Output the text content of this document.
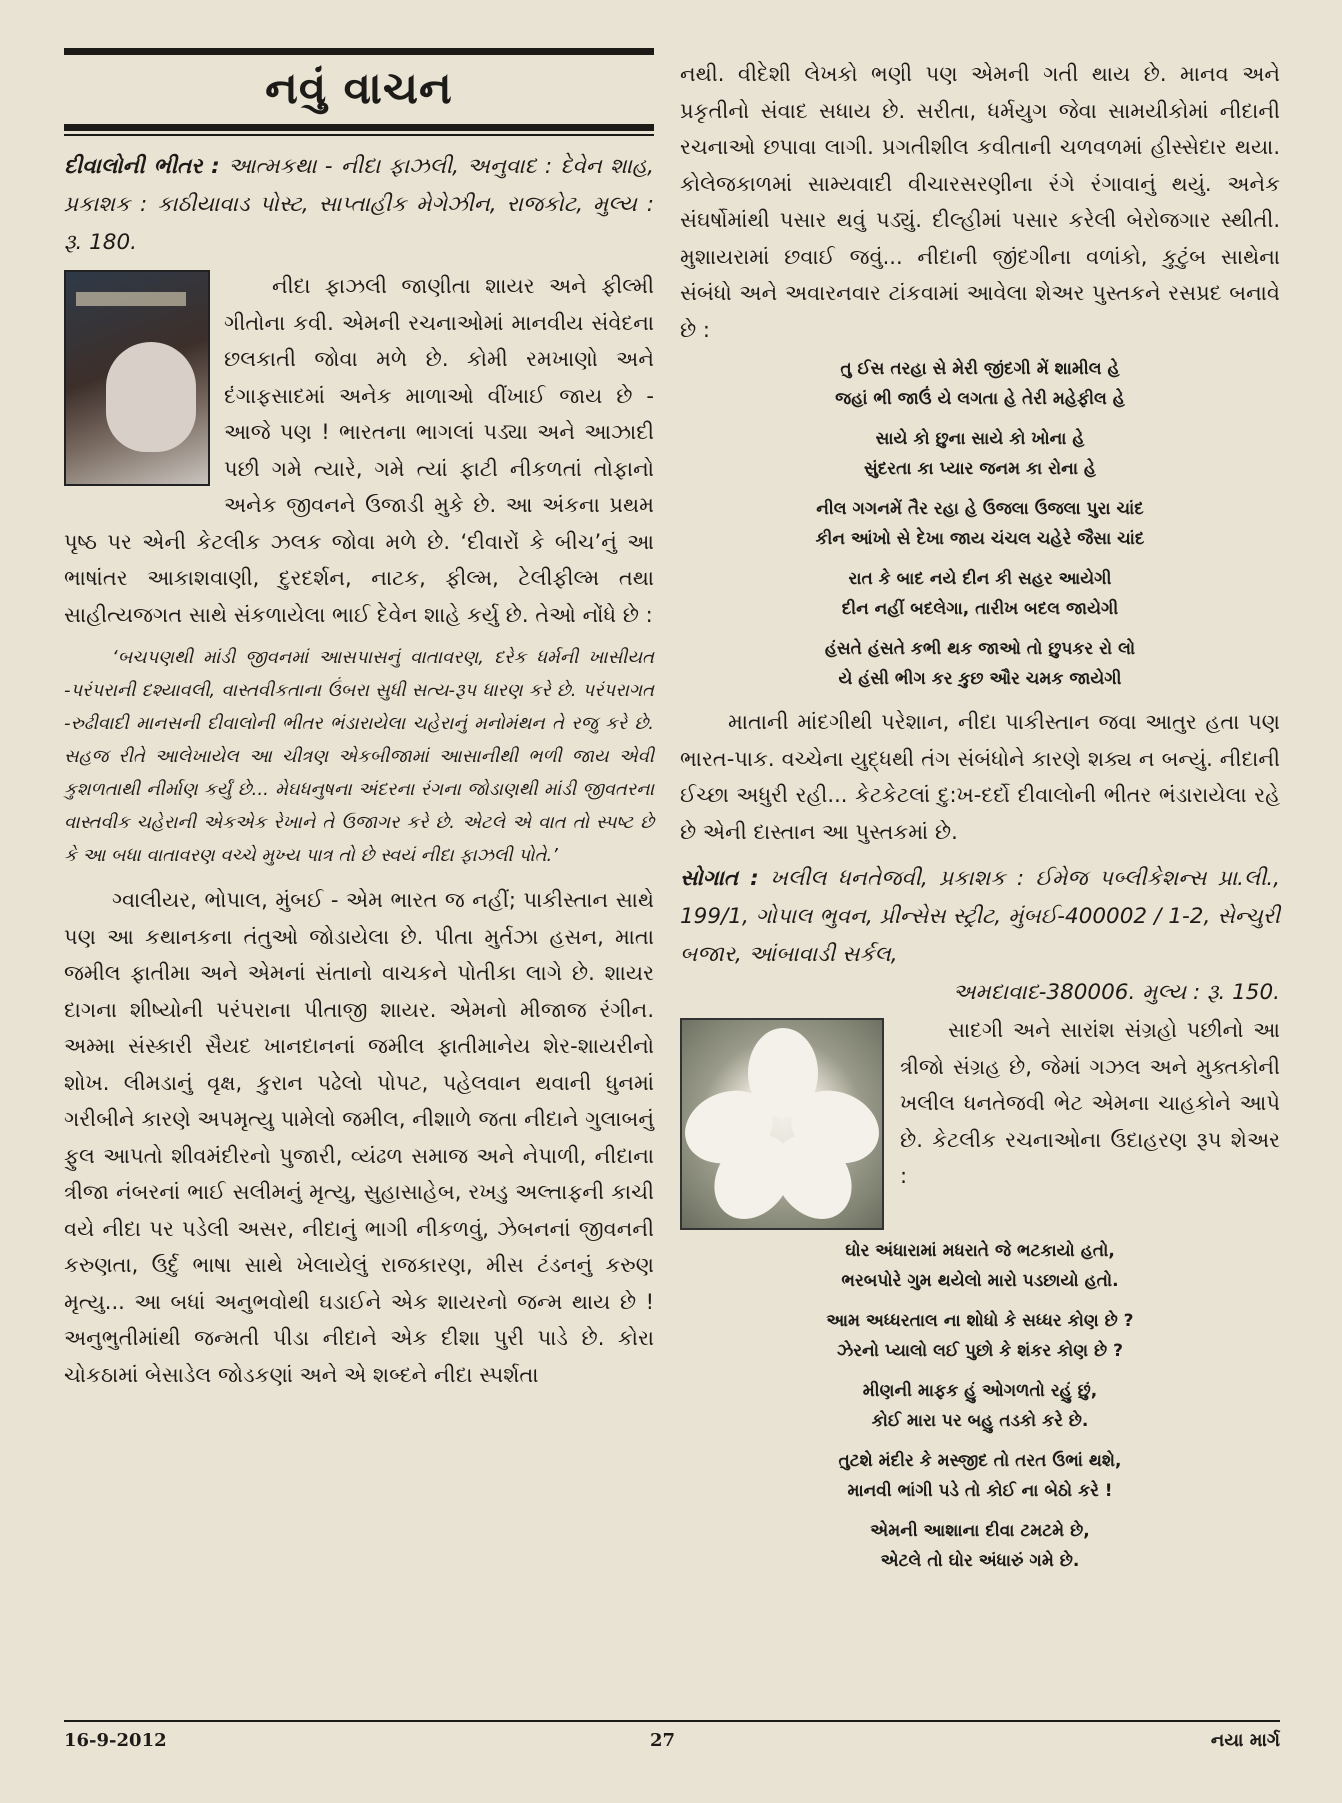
નવું વાચન

દીવાલોની ભીતર : આત્મકથા - નીદા ફાઝલી, અનુવાદ : દેવેન શાહ, પ્રકાશક : કાઠીયાવાડ પોસ્ટ, સાપ્તાહીક મેગેઝીન, રાજકોટ, મુલ્ય : રૂ. 180.

નીદા ફાઝલી જાણીતા શાયર અને ફીલ્મી ગીતોના કવી. એમની રચનાઓમાં માનવીય સંવેદના છલકાતી જોવા મળે છે. કોમી રમખાણો અને દંગાફસાદમાં અનેક માળાઓ વીંખાઈ જાય છે - આજે પણ ! ભારતના ભાગલાં પડ્યા અને આઝાદી પછી ગમે ત્યારે, ગમે ત્યાં ફાટી નીકળતાં તોફાનો અનેક જીવનને ઉજાડી મુકે છે. આ અંકના પ્રથમ પૃષ્ઠ પર એની કેટલીક ઝલક જોવા મળે છે. ‘દીવારોં કે બીચ’નું આ ભાષાંતર આકાશવાણી, દુરદર્શન, નાટક, ફીલ્મ, ટેલીફીલ્મ તથા સાહીત્યજગત સાથે સંકળાયેલા ભાઈ દેવેન શાહે કર્યુ છે. તેઓ નોંધે છે :

‘બચપણથી માંડી જીવનમાં આસપાસનું વાતાવરણ, દરેક ધર્મની ખાસીયત -પરંપરાની દશ્યાવલી, વાસ્તવીકતાના ઉંબરા સુધી સત્ય-રૂપ ધારણ કરે છે. પરંપરાગત -રુઢીવાદી માનસની દીવાલોની ભીતર ભંડારાયેલા ચહેરાનું મનોમંથન તે રજુ કરે છે. સહજ રીતે આલેખાયેલ આ ચીત્રણ એકબીજામાં આસાનીથી ભળી જાય એવી કુશળતાથી નીર્માણ કર્યું છે... મેઘધનુષના અંદરના રંગના જોડાણથી માંડી જીવતરના વાસ્તવીક ચહેરાની એકએક રેખાને તે ઉજાગર કરે છે. એટલે એ વાત તો સ્પષ્ટ છે કે આ બધા વાતાવરણ વચ્ચે મુખ્ય પાત્ર તો છે સ્વયં નીદા ફાઝલી પોતે.’

ગ્વાલીયર, ભોપાલ, મુંબઈ - એમ ભારત જ નહીં; પાકીસ્તાન સાથે પણ આ કથાનકના તંતુઓ જોડાયેલા છે. પીતા મુર્તઝા હસન, માતા જમીલ ફાતીમા અને એમનાં સંતાનો વાચકને પોતીકા લાગે છે. શાયર દાગના શીષ્યોની પરંપરાના પીતાજી શાયર. એમનો મીજાજ રંગીન. અમ્મા સંસ્કારી સૈયદ ખાનદાનનાં જમીલ ફાતીમાનેય શેર-શાયરીનો શોખ. લીમડાનું વૃક્ષ, કુરાન પઢેલો પોપટ, પહેલવાન થવાની ધુનમાં ગરીબીને કારણે અપમૃત્યુ પામેલો જમીલ, નીશાળે જતા નીદાને ગુલાબનું ફુલ આપતો શીવમંદીરનો પુજારી, વ્યંઢળ સમાજ અને નેપાળી, નીદાના ત્રીજા નંબરનાં ભાઈ સલીમનું મૃત્યુ, સુહાસાહેબ, રખડુ અલ્તાફની કાચી વયે નીદા પર પડેલી અસર, નીદાનું ભાગી નીકળવું, ઝેબનનાં જીવનની કરુણતા, ઉર્દુ ભાષા સાથે ખેલાયેલું રાજકારણ, મીસ ટંડનનું કરુણ મૃત્યુ... આ બધાં અનુભવોથી ઘડાઈને એક શાયરનો જન્મ થાય છે ! અનુભુતીમાંથી જન્મતી પીડા નીદાને એક દીશા પુરી પાડે છે. કોરા ચોકઠામાં બેસાડેલ જોડકણાં અને એ શબ્દને નીદા સ્પર્શતા

નથી. વીદેશી લેખકો ભણી પણ એમની ગતી થાય છે. માનવ અને પ્રકૃતીનો સંવાદ સધાય છે. સરીતા, ધર્મયુગ જેવા સામયીકોમાં નીદાની રચનાઓ છપાવા લાગી. પ્રગતીશીલ કવીતાની ચળવળમાં હીસ્સેદાર થયા. કોલેજકાળમાં સામ્યવાદી વીચારસરણીના રંગે રંગાવાનું થયું. અનેક સંઘર્ષોમાંથી પસાર થવું પડ્યું. દીલ્હીમાં પસાર કરેલી બેરોજગાર સ્થીતી. મુશાયરામાં છવાઈ જવું... નીદાની જીંદગીના વળાંકો, કુટુંબ સાથેના સંબંધો અને અવારનવાર ટાંકવામાં આવેલા શેઅર પુસ્તકને રસપ્રદ બનાવે છે :

તુ ઈસ તરહા સે મેરી જીંદગી મેં શામીલ હે
જહાં ભી જાઉં યે લગતા હે તેરી મહેફીલ હે
સાયે કો છુના સાયે કો ખોના હે
સુંદરતા કા પ્યાર જનમ કા રોના હે
નીલ ગગનમેં તૈર રહા હે ઉજલા ઉજલા પુરા ચાંદ
કીન આંખો સે દેખા જાય ચંચલ ચહેરે જૈસા ચાંદ
રાત કે બાદ નયે દીન કી સહર આયેગી
દીન નહીં બદલેગા, તારીખ બદલ જાયેગી
હંસતે હંસતે કભી થક જાઓ તો છુપકર રો લો
યે હંસી ભીગ કર કુછ ઔર ચમક જાયેગી

માતાની માંદગીથી પરેશાન, નીદા પાકીસ્તાન જવા આતુર હતા પણ ભારત-પાક. વચ્ચેના યુદ્ધથી તંગ સંબંધોને કારણે શક્ય ન બન્યું. નીદાની ઈચ્છા અધુરી રહી... કેટકેટલાં દુ:ખ-દર્દો દીવાલોની ભીતર ભંડારાયેલા રહે છે એની દાસ્તાન આ પુસ્તકમાં છે.

સોગાત : ખલીલ ધનતેજવી, પ્રકાશક : ઈમેજ પબ્લીકેશન્સ પ્રા.લી., 199/1, ગોપાલ ભુવન, પ્રીન્સેસ સ્ટ્રીટ, મુંબઈ-400002 / 1-2, સેન્ચુરી બજાર, આંબાવાડી સર્કલ,

અમદાવાદ-380006. મુલ્ય : રૂ. 150.

સાદગી અને સારાંશ સંગ્રહો પછીનો આ ત્રીજો સંગ્રહ છે, જેમાં ગઝલ અને મુક્તકોની ખલીલ ધનતેજવી ભેટ એમના ચાહકોને આપે છે. કેટલીક રચનાઓના ઉદાહરણ રૂપ શેઅર :

ઘોર અંધારામાં મધરાતે જે ભટકાયો હતો,
ભરબપોરે ગુમ થયેલો મારો પડછાયો હતો.
આમ અધ્ધરતાલ ના શોધો કે સધ્ધર કોણ છે ?
ઝેરનો પ્યાલો લઈ પુછો કે શંકર કોણ છે ?
મીણની માફક હું ઓગળતો રહું છું,
કોઈ મારા પર બહુ તડકો કરે છે.
તુટશે મંદીર કે મસ્જીદ તો તરત ઉભાં થશે,
માનવી ભાંગી પડે તો કોઈ ના બેઠો કરે !
એમની આશાના દીવા ટમટમે છે,
એટલે તો ઘોર અંધારું ગમે છે.
16-9-2012	27	નયા માર્ગ
